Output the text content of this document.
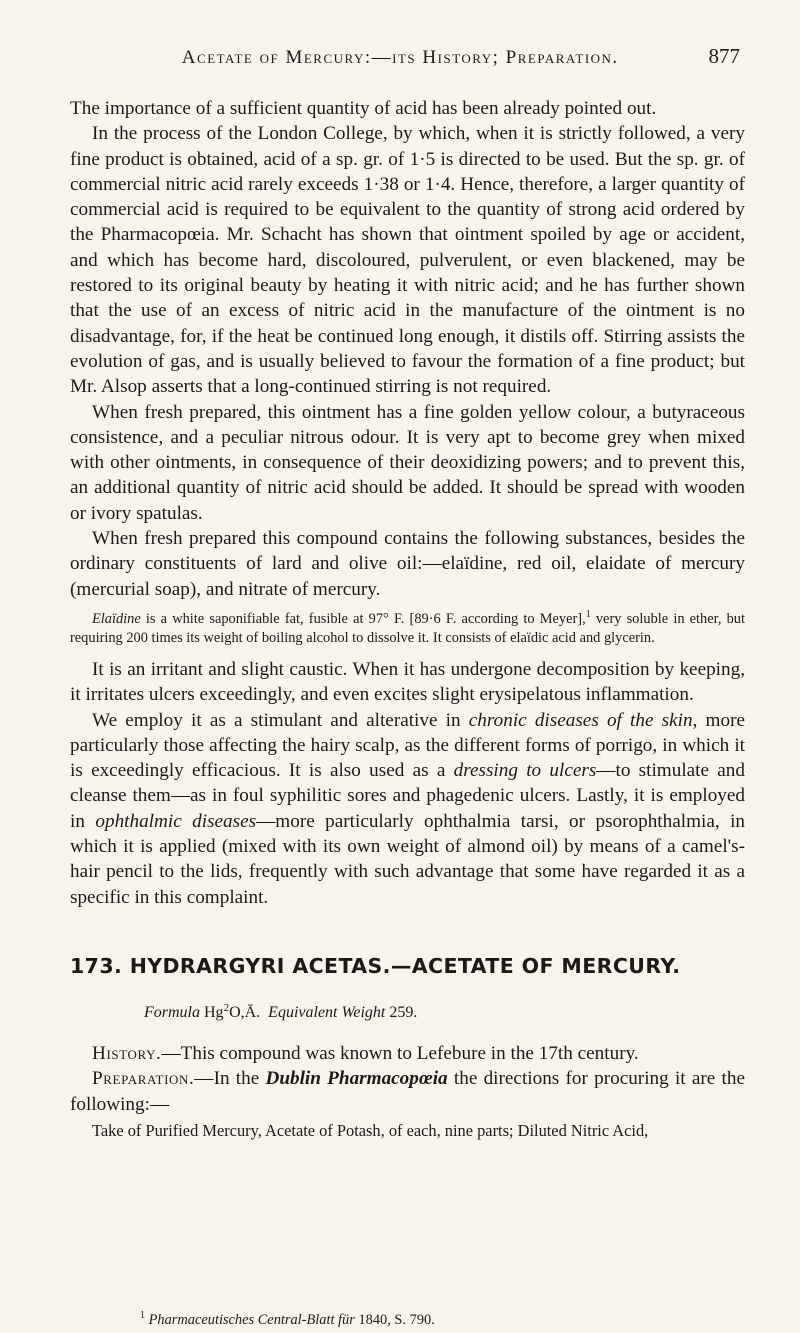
Acetate of Mercury:—its History; Preparation.	877

The importance of a sufficient quantity of acid has been already pointed out.

In the process of the London College, by which, when it is strictly followed, a very fine product is obtained, acid of a sp. gr. of 1·5 is directed to be used. But the sp. gr. of commercial nitric acid rarely exceeds 1·38 or 1·4. Hence, therefore, a larger quantity of commercial acid is required to be equivalent to the quantity of strong acid ordered by the Pharmacopœia. Mr. Schacht has shown that ointment spoiled by age or accident, and which has become hard, discoloured, pulverulent, or even blackened, may be restored to its original beauty by heating it with nitric acid; and he has further shown that the use of an excess of nitric acid in the manufacture of the ointment is no disadvantage, for, if the heat be continued long enough, it distils off. Stirring assists the evolution of gas, and is usually believed to favour the formation of a fine product; but Mr. Alsop asserts that a long-continued stirring is not required.

When fresh prepared, this ointment has a fine golden yellow colour, a butyraceous consistence, and a peculiar nitrous odour. It is very apt to become grey when mixed with other ointments, in consequence of their deoxidizing powers; and to prevent this, an additional quantity of nitric acid should be added. It should be spread with wooden or ivory spatulas.

When fresh prepared this compound contains the following substances, besides the ordinary constituents of lard and olive oil:—elaïdine, red oil, elaidate of mercury (mercurial soap), and nitrate of mercury.

Elaïdine is a white saponifiable fat, fusible at 97° F. [89·6 F. according to Meyer],$^1$ very soluble in ether, but requiring 200 times its weight of boiling alcohol to dissolve it. It consists of elaïdic acid and glycerin.

It is an irritant and slight caustic. When it has undergone decomposition by keeping, it irritates ulcers exceedingly, and even excites slight erysipelatous inflammation.

We employ it as a stimulant and alterative in chronic diseases of the skin, more particularly those affecting the hairy scalp, as the different forms of porrigo, in which it is exceedingly efficacious. It is also used as a dressing to ulcers—to stimulate and cleanse them—as in foul syphilitic sores and phagedenic ulcers. Lastly, it is employed in ophthalmic diseases—more particularly ophthalmia tarsi, or psorophthalmia, in which it is applied (mixed with its own weight of almond oil) by means of a camel's-hair pencil to the lids, frequently with such advantage that some have regarded it as a specific in this complaint.

173. HYDRARGYRI ACETAS.—ACETATE OF MERCURY.
Formula Hg$^2$O,Ā. Equivalent Weight 259.

History.—This compound was known to Lefebure in the 17th century.

Preparation.—In the Dublin Pharmacopœia the directions for procuring it are the following:—

Take of Purified Mercury, Acetate of Potash, of each, nine parts; Diluted Nitric Acid,

$^1$ Pharmaceutisches Central-Blatt für 1840, S. 790.
